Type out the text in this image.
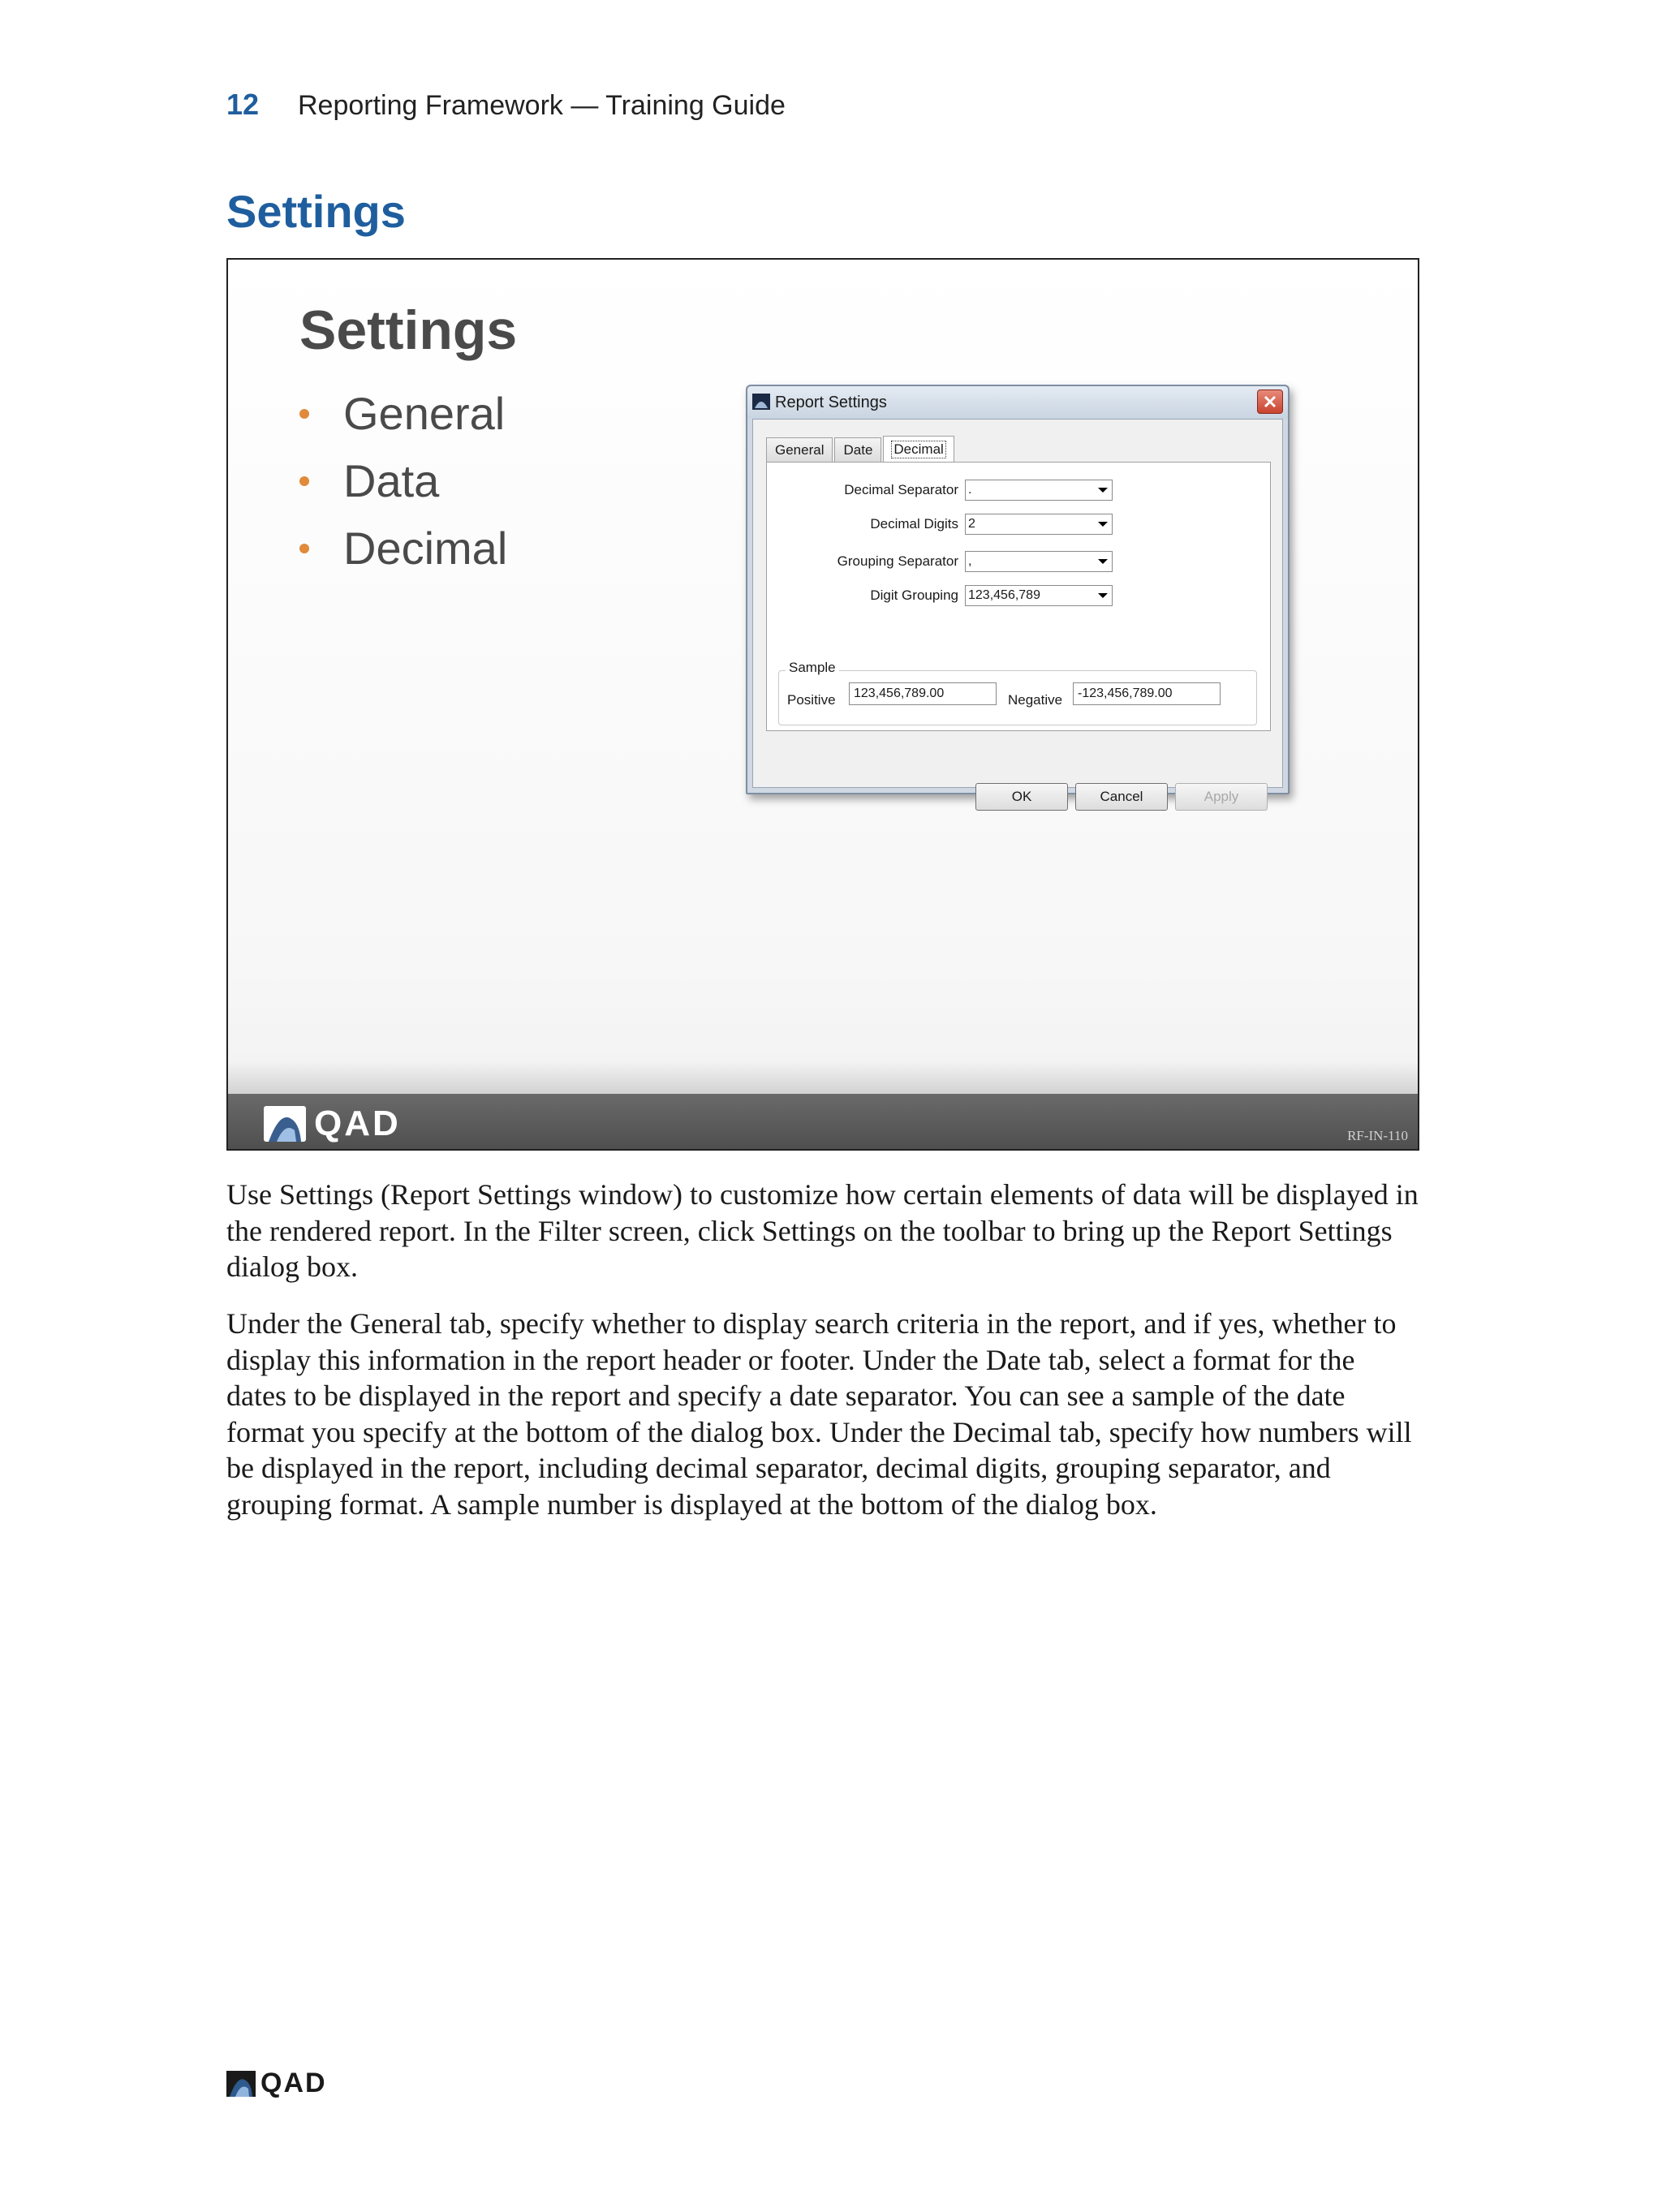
12	Reporting Framework — Training Guide
Settings
Settings
General
Data
Decimal
Report Settings
General Date Decimal
Decimal Separator .
Decimal Digits 2
Grouping Separator ,
Digit Grouping 123,456,789
Sample
Positive	123,456,789.00	Negative	-123,456,789.00
OK	Cancel	Apply
QAD	RF-IN-110

Use Settings (Report Settings window) to customize how certain elements of data will be displayed in the rendered report. In the Filter screen, click Settings on the toolbar to bring up the Report Settings dialog box.

Under the General tab, specify whether to display search criteria in the report, and if yes, whether to display this information in the report header or footer. Under the Date tab, select a format for the dates to be displayed in the report and specify a date separator. You can see a sample of the date format you specify at the bottom of the dialog box. Under the Decimal tab, specify how numbers will be displayed in the report, including decimal separator, decimal digits, grouping separator, and grouping format. A sample number is displayed at the bottom of the dialog box.

QAD
